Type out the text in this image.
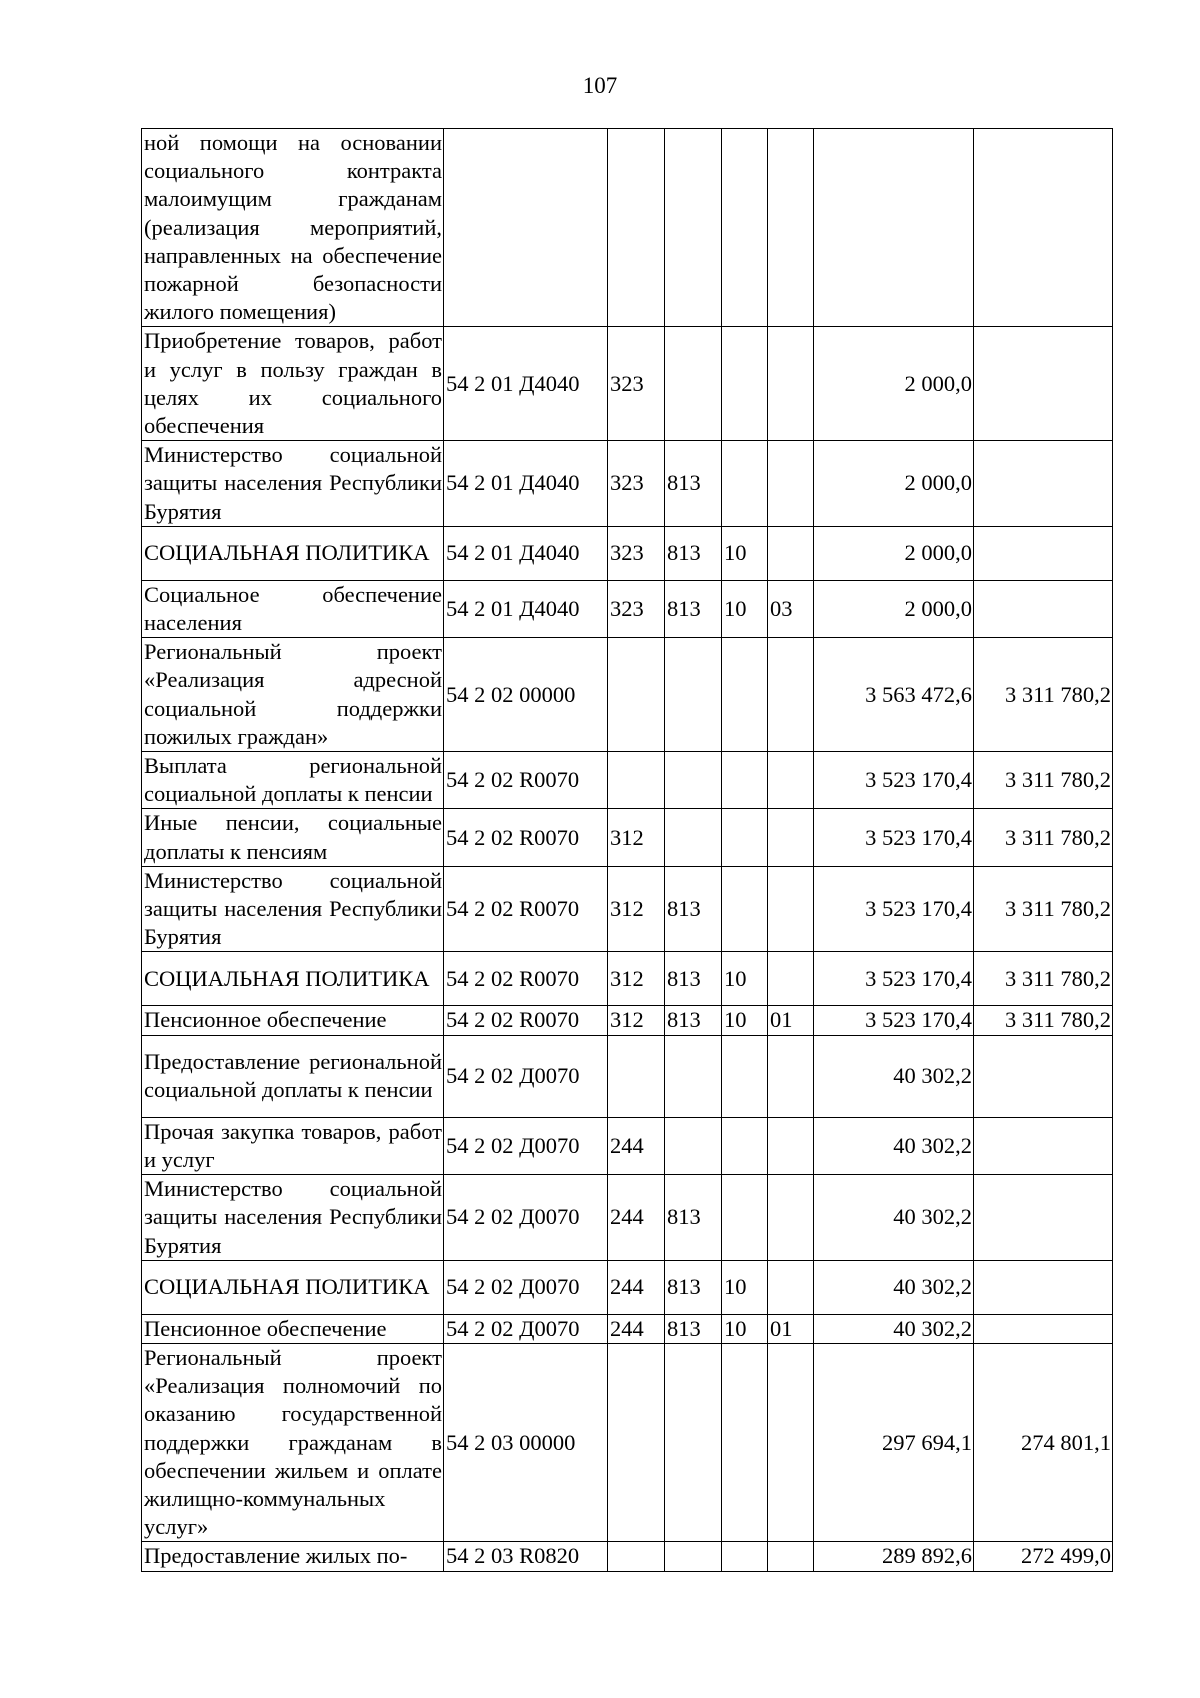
107
ной помощи на основании социального контракта малоимущим гражданам (реализация мероприятий, направленных на обеспечение пожарной безопасности жилого помещения)							
Приобретение товаров, работ и услуг в пользу граждан в целях их социального обеспечения	54 2 01 Д4040	323				2 000,0	
Министерство социальной защиты населения Республики Бурятия	54 2 01 Д4040	323	813			2 000,0	
СОЦИАЛЬНАЯ ПОЛИТИКА	54 2 01 Д4040	323	813	10		2 000,0	
Социальное обеспечение населения	54 2 01 Д4040	323	813	10	03	2 000,0	
Региональный проект «Реализация адресной социальной поддержки пожилых граждан»	54 2 02 00000					3 563 472,6	3 311 780,2
Выплата региональной социальной доплаты к пенсии	54 2 02 R0070					3 523 170,4	3 311 780,2
Иные пенсии, социальные доплаты к пенсиям	54 2 02 R0070	312				3 523 170,4	3 311 780,2
Министерство социальной защиты населения Республики Бурятия	54 2 02 R0070	312	813			3 523 170,4	3 311 780,2
СОЦИАЛЬНАЯ ПОЛИТИКА	54 2 02 R0070	312	813	10		3 523 170,4	3 311 780,2
Пенсионное обеспечение	54 2 02 R0070	312	813	10	01	3 523 170,4	3 311 780,2
Предоставление региональной социальной доплаты к пенсии	54 2 02 Д0070					40 302,2	
Прочая закупка товаров, работ и услуг	54 2 02 Д0070	244				40 302,2	
Министерство социальной защиты населения Республики Бурятия	54 2 02 Д0070	244	813			40 302,2	
СОЦИАЛЬНАЯ ПОЛИТИКА	54 2 02 Д0070	244	813	10		40 302,2	
Пенсионное обеспечение	54 2 02 Д0070	244	813	10	01	40 302,2	
Региональный проект «Реализация полномочий по оказанию государственной поддержки гражданам в обеспечении жильем и оплате жилищно-коммунальных услуг»	54 2 03 00000					297 694,1	274 801,1
Предоставление жилых по-	54 2 03 R0820					289 892,6	272 499,0
